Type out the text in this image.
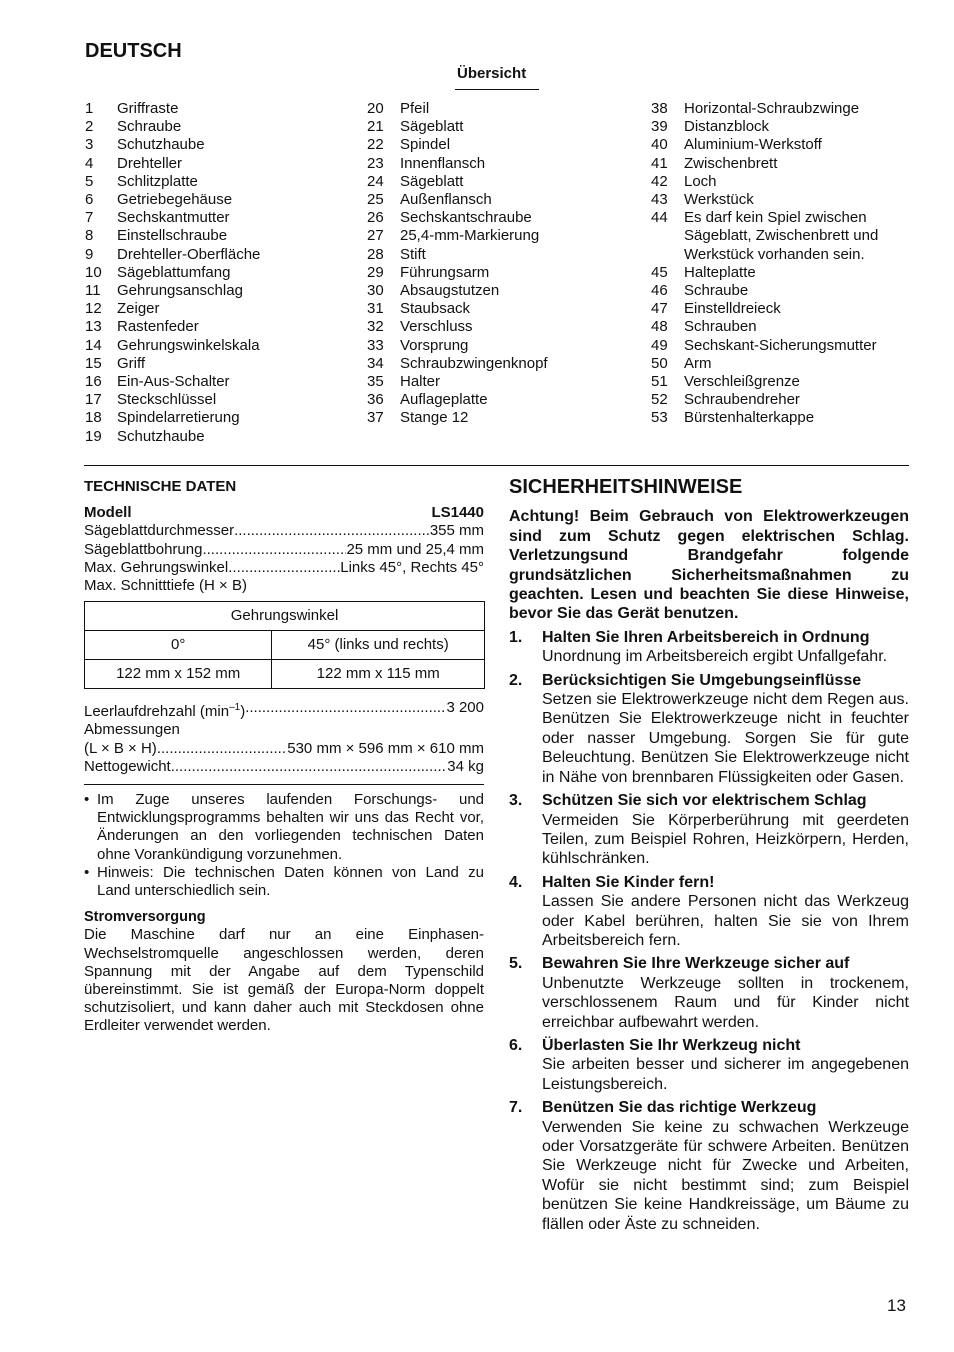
DEUTSCH
Übersicht
1	Griffraste
2	Schraube
3	Schutzhaube
4	Drehteller
5	Schlitzplatte
6	Getriebegehäuse
7	Sechskantmutter
8	Einstellschraube
9	Drehteller-Oberfläche
10	Sägeblattumfang
11	Gehrungsanschlag
12	Zeiger
13	Rastenfeder
14	Gehrungswinkelskala
15	Griff
16	Ein-Aus-Schalter
17	Steckschlüssel
18	Spindelarretierung
19	Schutzhaube
20	Pfeil
21	Sägeblatt
22	Spindel
23	Innenflansch
24	Sägeblatt
25	Außenflansch
26	Sechskantschraube
27	25,4-mm-Markierung
28	Stift
29	Führungsarm
30	Absaugstutzen
31	Staubsack
32	Verschluss
33	Vorsprung
34	Schraubzwingenknopf
35	Halter
36	Auflageplatte
37	Stange 12
38	Horizontal-Schraubzwinge
39	Distanzblock
40	Aluminium-Werkstoff
41	Zwischenbrett
42	Loch
43	Werkstück
44	Es darf kein Spiel zwischen
Sägeblatt, Zwischenbrett und
Werkstück vorhanden sein.
45	Halteplatte
46	Schraube
47	Einstelldreieck
48	Schrauben
49	Sechskant-Sicherungsmutter
50	Arm
51	Verschleißgrenze
52	Schraubendreher
53	Bürstenhalterkappe
TECHNISCHE DATEN
Modell	LS1440
Sägeblattdurchmesser .....	355 mm
Sägeblattbohrung .....	25 mm und 25,4 mm
Max. Gehrungswinkel .....	Links 45°, Rechts 45°
Max. Schnitttiefe (H × B)
Gehrungswinkel	
0°	45° (links und rechts)
122 mm x 152 mm	122 mm x 115 mm
Leerlaufdrehzahl $(\min^{-1})$ .....	3 200
Abmessungen
(L × B × H) .....	530 mm × 596 mm × 610 mm
Nettogewicht .....	34 kg
• Im Zuge unseres laufenden Forschungs- und Entwicklungsprogramms behalten wir uns das Recht vor, Änderungen an den vorliegenden technischen Daten ohne Vorankündigung vorzunehmen.
• Hinweis: Die technischen Daten können von Land zu Land unterschiedlich sein.
Stromversorgung
Die Maschine darf nur an eine Einphasen-Wechselstromquelle angeschlossen werden, deren Spannung mit der Angabe auf dem Typenschild übereinstimmt. Sie ist gemäß der Europa-Norm doppelt schutzisoliert, und kann daher auch mit Steckdosen ohne Erdleiter verwendet werden.
SICHERHEITSHINWEISE
Achtung! Beim Gebrauch von Elektrowerkzeugen sind zum Schutz gegen elektrischen Schlag. Verletzungsund Brandgefahr folgende grundsätzlichen Sicherheitsmaßnahmen zu geachten. Lesen und beachten Sie diese Hinweise, bevor Sie das Gerät benutzen.
1.	Halten Sie Ihren Arbeitsbereich in Ordnung
Unordnung im Arbeitsbereich ergibt Unfallgefahr.
2.	Berücksichtigen Sie Umgebungseinflüsse
Setzen sie Elektrowerkzeuge nicht dem Regen aus. Benützen Sie Elektrowerkzeuge nicht in feuchter oder nasser Umgebung. Sorgen Sie für gute Beleuchtung. Benützen Sie Elektrowerkzeuge nicht in Nähe von brennbaren Flüssigkeiten oder Gasen.
3.	Schützen Sie sich vor elektrischem Schlag
Vermeiden Sie Körperberührung mit geerdeten Teilen, zum Beispiel Rohren, Heizkörpern, Herden, kühlschränken.
4.	Halten Sie Kinder fern!
Lassen Sie andere Personen nicht das Werkzeug oder Kabel berühren, halten Sie sie von Ihrem Arbeitsbereich fern.
5.	Bewahren Sie Ihre Werkzeuge sicher auf
Unbenutzte Werkzeuge sollten in trockenem, verschlossenem Raum und für Kinder nicht erreichbar aufbewahrt werden.
6.	Überlasten Sie Ihr Werkzeug nicht
Sie arbeiten besser und sicherer im angegebenen Leistungsbereich.
7.	Benützen Sie das richtige Werkzeug
Verwenden Sie keine zu schwachen Werkzeuge oder Vorsatzgeräte für schwere Arbeiten. Benützen Sie Werkzeuge nicht für Zwecke und Arbeiten, Wofür sie nicht bestimmt sind; zum Beispiel benützen Sie keine Handkreissäge, um Bäume zu flällen oder Äste zu schneiden.
13
